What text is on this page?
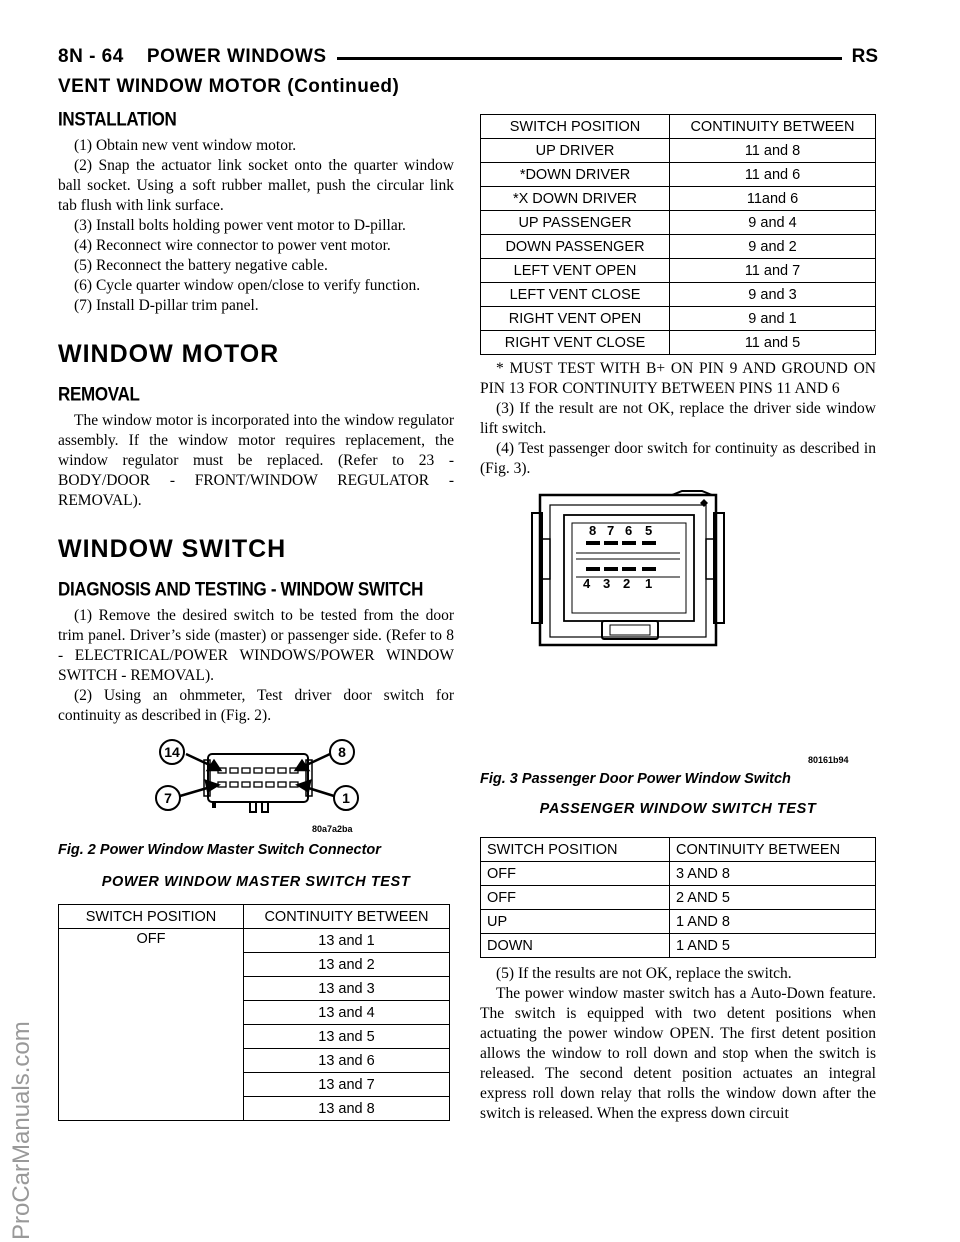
8N - 64    POWER WINDOWS	RS
VENT WINDOW MOTOR (Continued)
ProCarManuals.com
INSTALLATION

(1) Obtain new vent window motor.

(2) Snap the actuator link socket onto the quarter window ball socket. Using a soft rubber mallet, push the circular link tab flush with link surface.

(3) Install bolts holding power vent motor to D-pillar.

(4) Reconnect wire connector to power vent motor.

(5) Reconnect the battery negative cable.

(6) Cycle quarter window open/close to verify function.

(7) Install D-pillar trim panel.

WINDOW MOTOR
REMOVAL

The window motor is incorporated into the window regulator assembly. If the window motor requires replacement, the window regulator must be replaced. (Refer to 23 - BODY/DOOR - FRONT/WINDOW REGULATOR - REMOVAL).

WINDOW SWITCH
DIAGNOSIS AND TESTING - WINDOW SWITCH

(1) Remove the desired switch to be tested from the door trim panel. Driver’s side (master) or passenger side. (Refer to 8 - ELECTRICAL/POWER WINDOWS/POWER WINDOW SWITCH - REMOVAL).

(2) Using an ohmmeter, Test driver door switch for continuity as described in (Fig. 2).

14	8
7	1
80a7a2ba
Fig. 2 Power Window Master Switch Connector
POWER WINDOW MASTER SWITCH TEST
SWITCH POSITION	CONTINUITY BETWEEN
OFF	13 and 1
	13 and 2
	13 and 3
	13 and 4
	13 and 5
	13 and 6
	13 and 7
	13 and 8
SWITCH POSITION	CONTINUITY BETWEEN
UP DRIVER	11 and 8
*DOWN DRIVER	11 and 6
*X DOWN DRIVER	11and 6
UP PASSENGER	9 and 4
DOWN PASSENGER	9 and 2
LEFT VENT OPEN	11 and 7
LEFT VENT CLOSE	9 and 3
RIGHT VENT OPEN	9 and 1
RIGHT VENT CLOSE	11 and 5

* MUST TEST WITH B+ ON PIN 9 AND GROUND ON PIN 13 FOR CONTINUITY BETWEEN PINS 11 AND 6

(3) If the result are not OK, replace the driver side window lift switch.

(4) Test passenger door switch for continuity as described in (Fig. 3).

8 7 6 5
4 3 2 1
80161b94
Fig. 3 Passenger Door Power Window Switch
PASSENGER WINDOW SWITCH TEST
SWITCH POSITION	CONTINUITY BETWEEN
OFF	3 AND 8
OFF	2 AND 5
UP	1 AND 8
DOWN	1 AND 5

(5) If the results are not OK, replace the switch.

The power window master switch has a Auto-Down feature. The switch is equipped with two detent positions when actuating the power window OPEN. The first detent position allows the window to roll down and stop when the switch is released. The second detent position actuates an integral express roll down relay that rolls the window down after the switch is released. When the express down circuit
